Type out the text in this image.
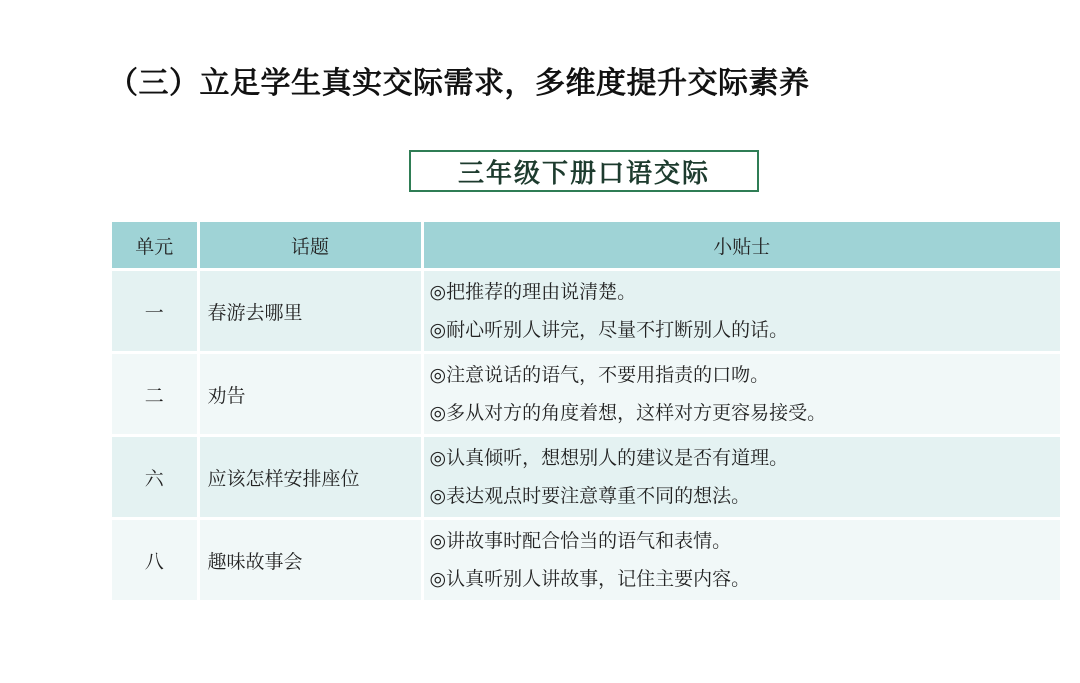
（三）立足学生真实交际需求，多维度提升交际素养
三年级下册口语交际
单元	话题	小贴士
一	春游去哪里	◎把推荐的理由说清楚。
◎耐心听别人讲完，尽量不打断别人的话。

二	劝告	◎注意说话的语气，不要用指责的口吻。
◎多从对方的角度着想，这样对方更容易接受。

六	应该怎样安排座位	◎认真倾听，想想别人的建议是否有道理。
◎表达观点时要注意尊重不同的想法。

八	趣味故事会	◎讲故事时配合恰当的语气和表情。
◎认真听别人讲故事，记住主要内容。
